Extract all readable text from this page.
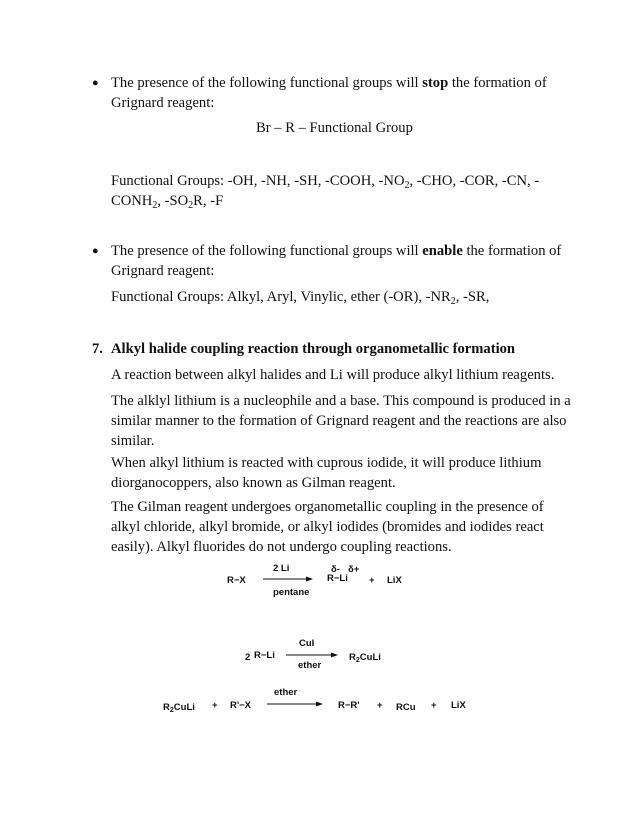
● The presence of the following functional groups will stop the formation of Grignard reagent:
Br – R – Functional Group
Functional Groups: -OH, -NH, -SH, -COOH, $-NO_2$, -CHO, -COR, -CN, $-CONH_2$, $-SO_2R$, -F
● The presence of the following functional groups will enable the formation of Grignard reagent:
Functional Groups: Alkyl, Aryl, Vinylic, ether (-OR), $-NR_2$, -SR,
7. Alkyl halide coupling reaction through organometallic formation
A reaction between alkyl halides and Li will produce alkyl lithium reagents.
The alklyl lithium is a nucleophile and a base. This compound is produced in a similar manner to the formation of Grignard reagent and the reactions are also similar.
When alkyl lithium is reacted with cuprous iodide, it will produce lithium diorganocoppers, also known as Gilman reagent.
The Gilman reagent undergoes organometallic coupling in the presence of alkyl chloride, alkyl bromide, or alkyl iodides (bromides and iodides react easily). Alkyl fluorides do not undergo coupling reactions.
R−X
2 Li
pentane
δ- δ+
R−Li + LiX
2 R−Li
CuI
ether
$R_2CuLi$
$R_2CuLi + R'-X$
ether
R−R' + RCu + LiX
